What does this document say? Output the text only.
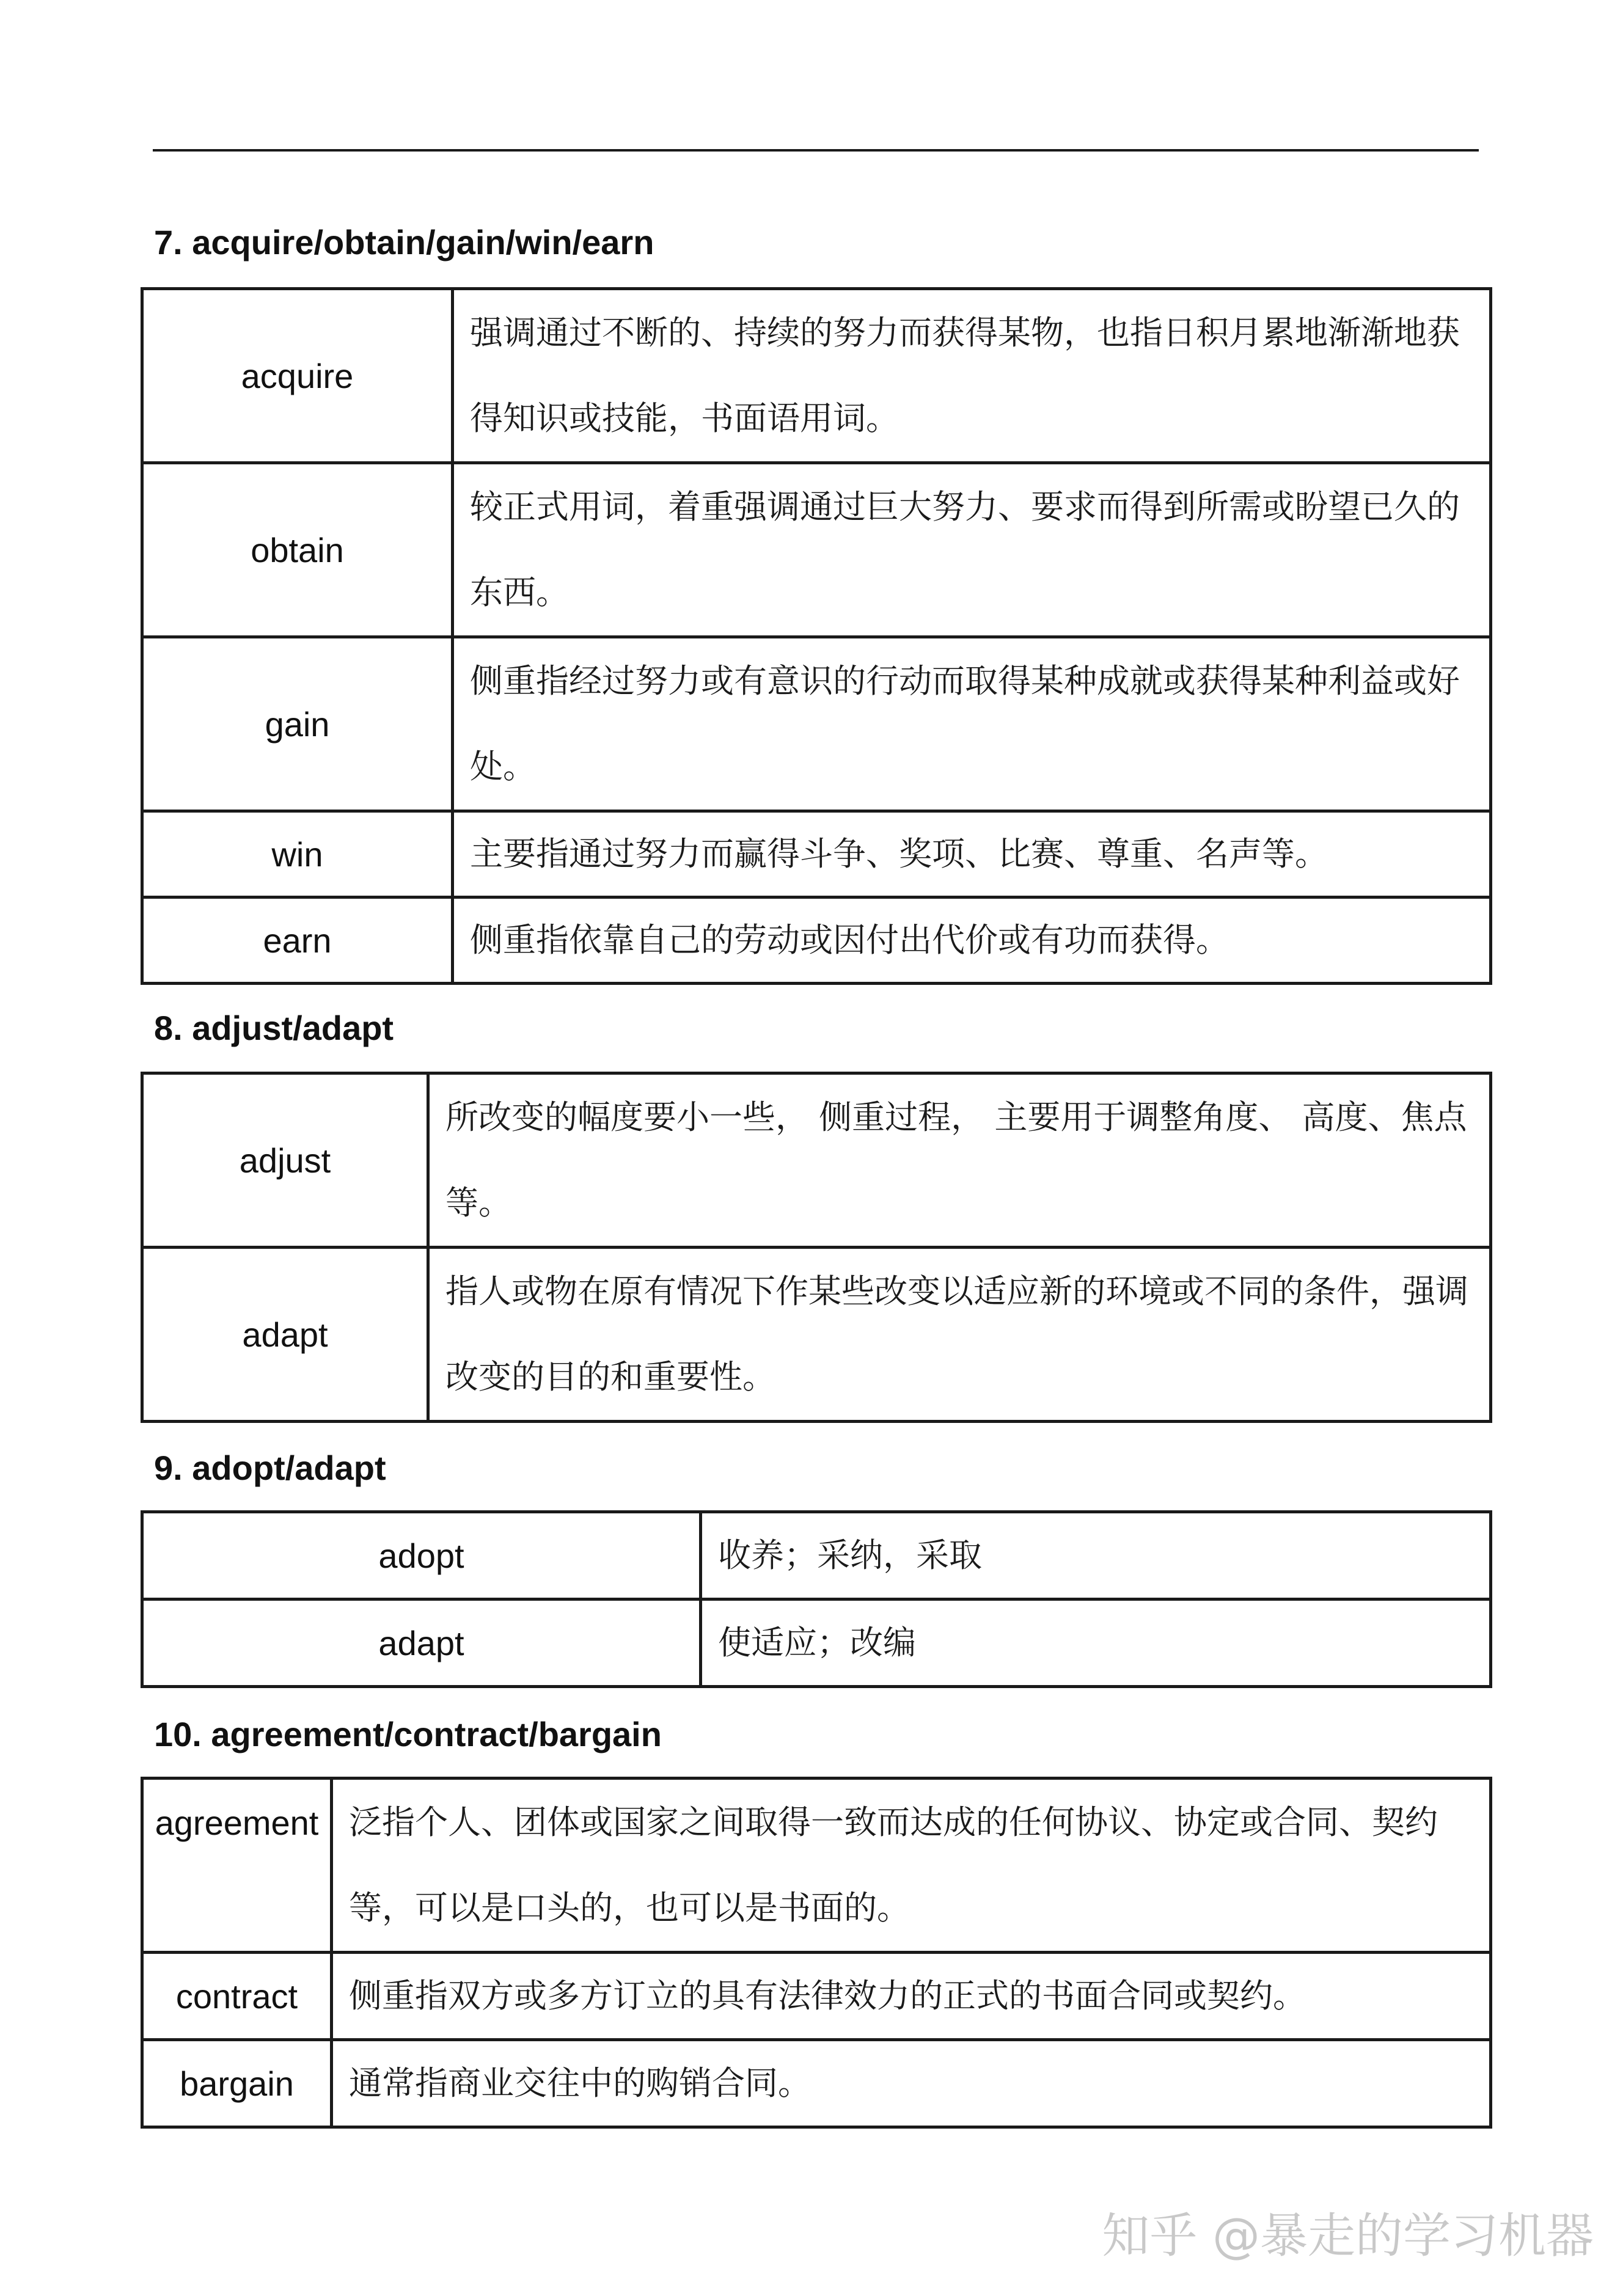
7. acquire/obtain/gain/win/earn
acquire	强调通过不断的、持续的努力而获得某物，也指日积月累地渐渐地获得知识或技能，书面语用词。
obtain	较正式用词，着重强调通过巨大努力、要求而得到所需或盼望已久的东西。
gain	侧重指经过努力或有意识的行动而取得某种成就或获得某种利益或好处。
win	主要指通过努力而赢得斗争、奖项、比赛、尊重、名声等。
earn	侧重指依靠自己的劳动或因付出代价或有功而获得。
8. adjust/adapt
adjust	所改变的幅度要小一些， 侧重过程， 主要用于调整角度、 高度、焦点等。
adapt	指人或物在原有情况下作某些改变以适应新的环境或不同的条件，强调改变的目的和重要性。
9. adopt/adapt
adopt	收养；采纳，采取
adapt	使适应；改编
10. agreement/contract/bargain
agreement	泛指个人、团体或国家之间取得一致而达成的任何协议、协定或合同、契约等，可以是口头的，也可以是书面的。
contract	侧重指双方或多方订立的具有法律效力的正式的书面合同或契约。
bargain	通常指商业交往中的购销合同。
知乎 @暴走的学习机器
